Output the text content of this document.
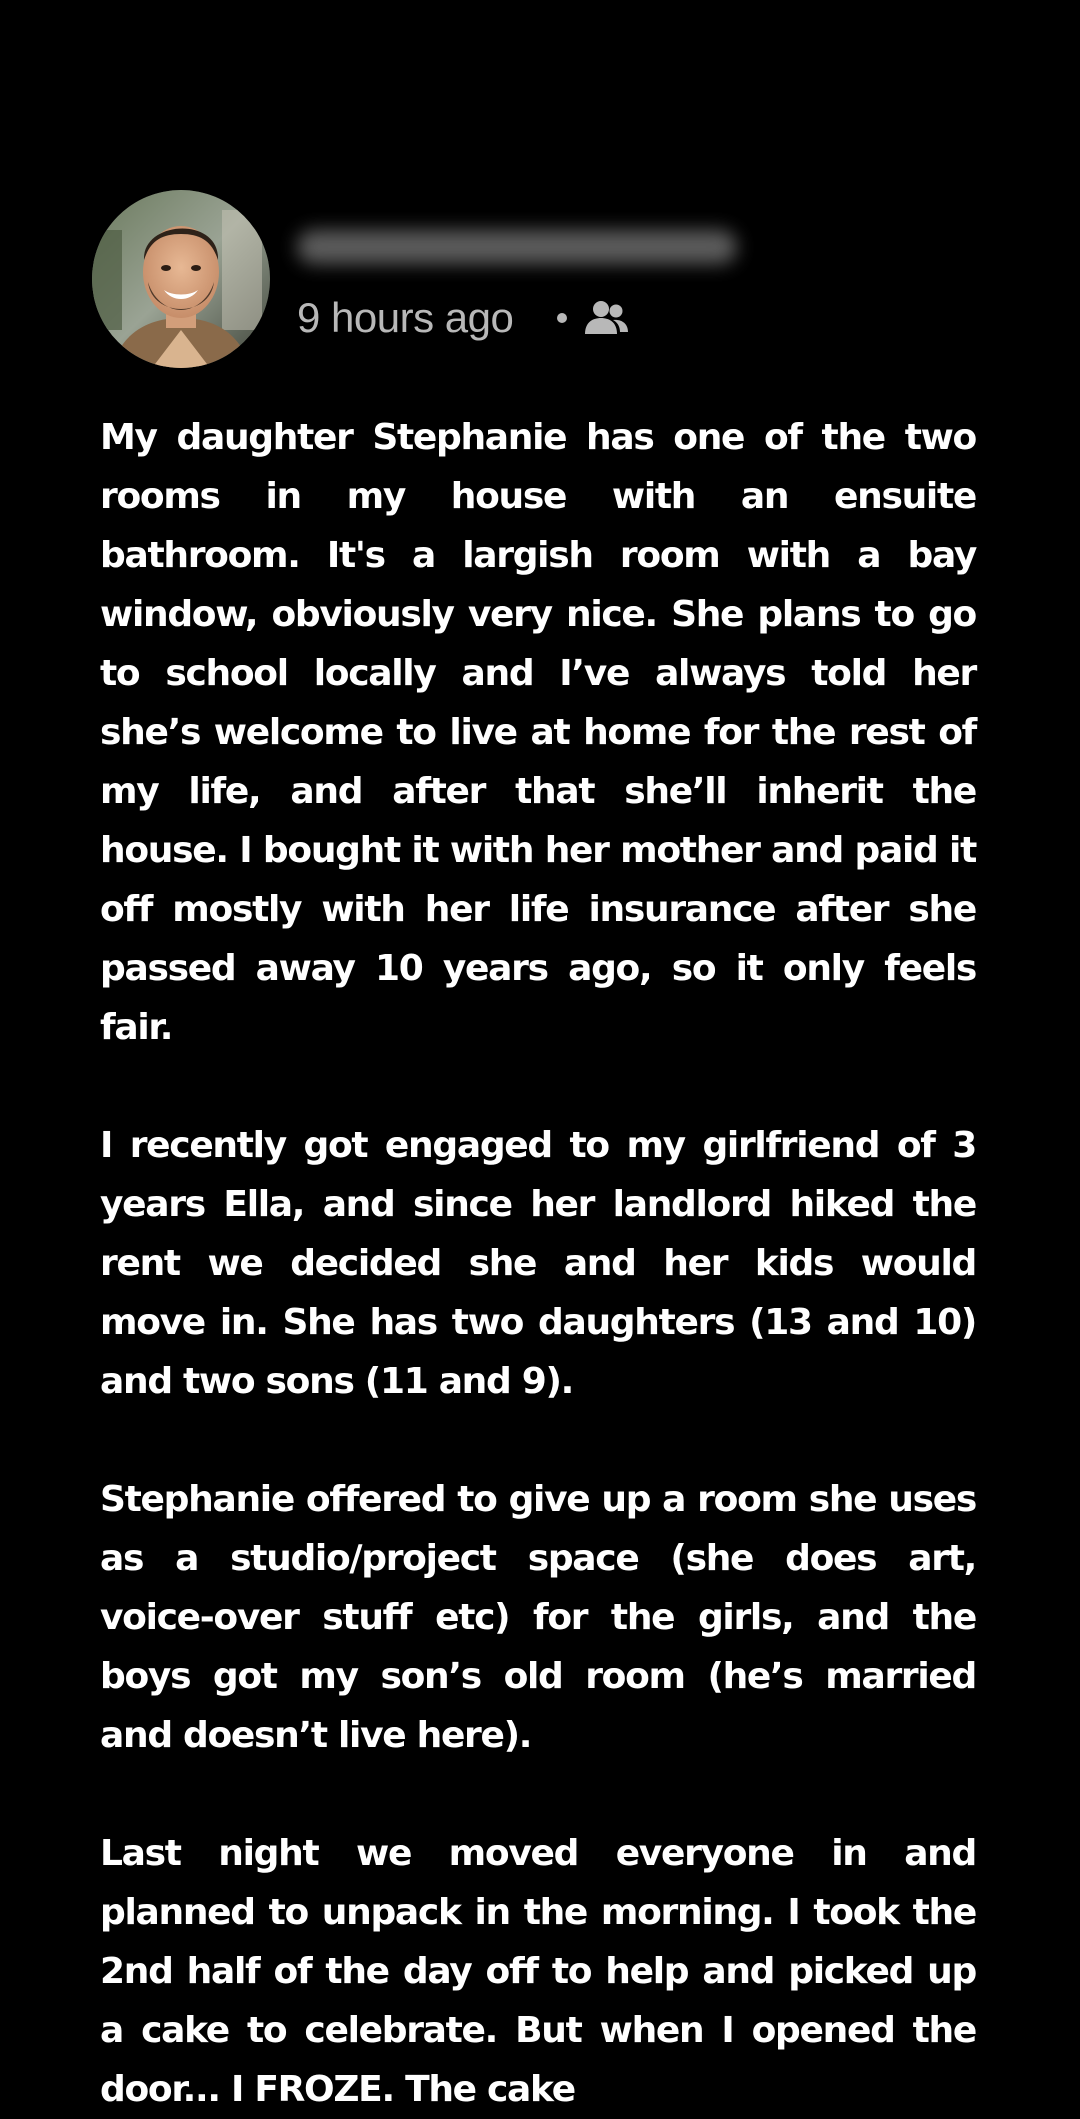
9 hours ago

My daughter Stephanie has one of the two rooms in my house with an ensuite bathroom. It's a largish room with a bay window, obviously very nice. She plans to go to school locally and I’ve always told her she’s welcome to live at home for the rest of my life, and after that she’ll inherit the house. I bought it with her mother and paid it off mostly with her life insurance after she passed away 10 years ago, so it only feels fair.

I recently got engaged to my girlfriend of 3 years Ella, and since her landlord hiked the rent we decided she and her kids would move in. She has two daughters (13 and 10) and two sons (11 and 9).

Stephanie offered to give up a room she uses as a studio/project space (she does art, voice-over stuff etc) for the girls, and the boys got my son’s old room (he’s married and doesn’t live here).

Last night we moved everyone in and planned to unpack in the morning. I took the 2nd half of the day off to help and picked up a cake to celebrate. But when I opened the door... I FROZE. The cake
